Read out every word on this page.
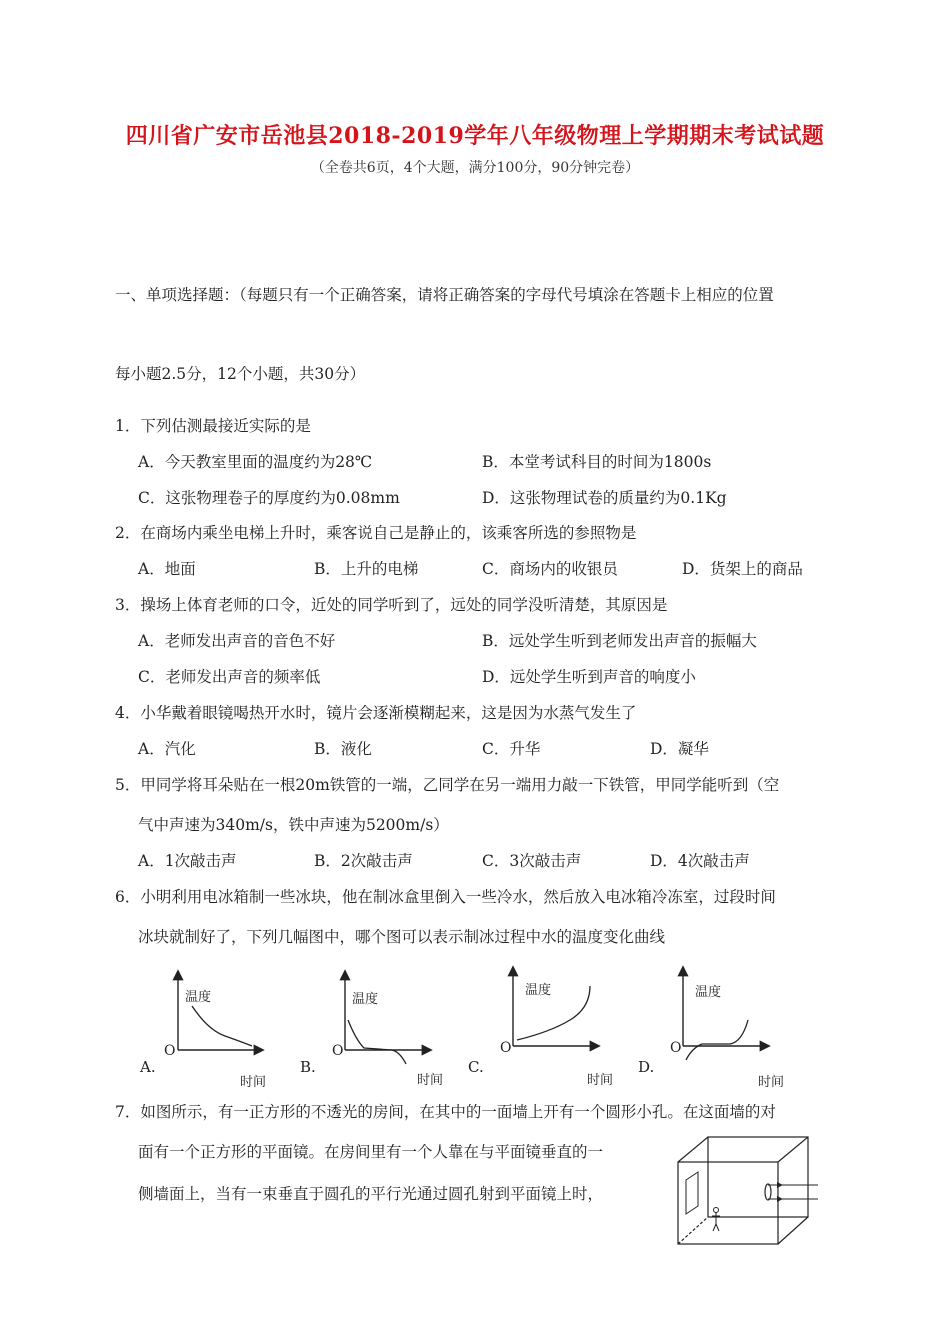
四川省广安市岳池县2018-2019学年八年级物理上学期期末考试试题
（全卷共6页，4个大题，满分100分，90分钟完卷）
一、单项选择题：（每题只有一个正确答案，请将正确答案的字母代号填涂在答题卡上相应的位置
每小题2.5分，12个小题，共30分）
1．下列估测最接近实际的是
A．今天教室里面的温度约为28℃	B．本堂考试科目的时间为1800s
C．这张物理卷子的厚度约为0.08mm	D．这张物理试卷的质量约为0.1Kg
2．在商场内乘坐电梯上升时，乘客说自己是静止的，该乘客所选的参照物是
A．地面	B．上升的电梯	C．商场内的收银员	D．货架上的商品
3．操场上体育老师的口令，近处的同学听到了，远处的同学没听清楚，其原因是
A．老师发出声音的音色不好	B．远处学生听到老师发出声音的振幅大
C．老师发出声音的频率低	D．远处学生听到声音的响度小
4．小华戴着眼镜喝热开水时，镜片会逐渐模糊起来，这是因为水蒸气发生了
A．汽化	B．液化	C．升华	D．凝华
5．甲同学将耳朵贴在一根20m铁管的一端，乙同学在另一端用力敲一下铁管，甲同学能听到（空
气中声速为340m/s，铁中声速为5200m/s）
A．1次敲击声	B．2次敲击声	C．3次敲击声	D．4次敲击声
6．小明利用电冰箱制一些冰块，他在制冰盒里倒入一些冷水，然后放入电冰箱冷冻室，过段时间
冰块就制好了，下列几幅图中，哪个图可以表示制冰过程中水的温度变化曲线
A.
O
温度
时间
B.
O
温度
时间
C.
O
温度
时间
D.
O
温度
时间
7．如图所示，有一正方形的不透光的房间，在其中的一面墙上开有一个圆形小孔。在这面墙的对
面有一个正方形的平面镜。在房间里有一个人靠在与平面镜垂直的一
侧墙面上，当有一束垂直于圆孔的平行光通过圆孔射到平面镜上时，
